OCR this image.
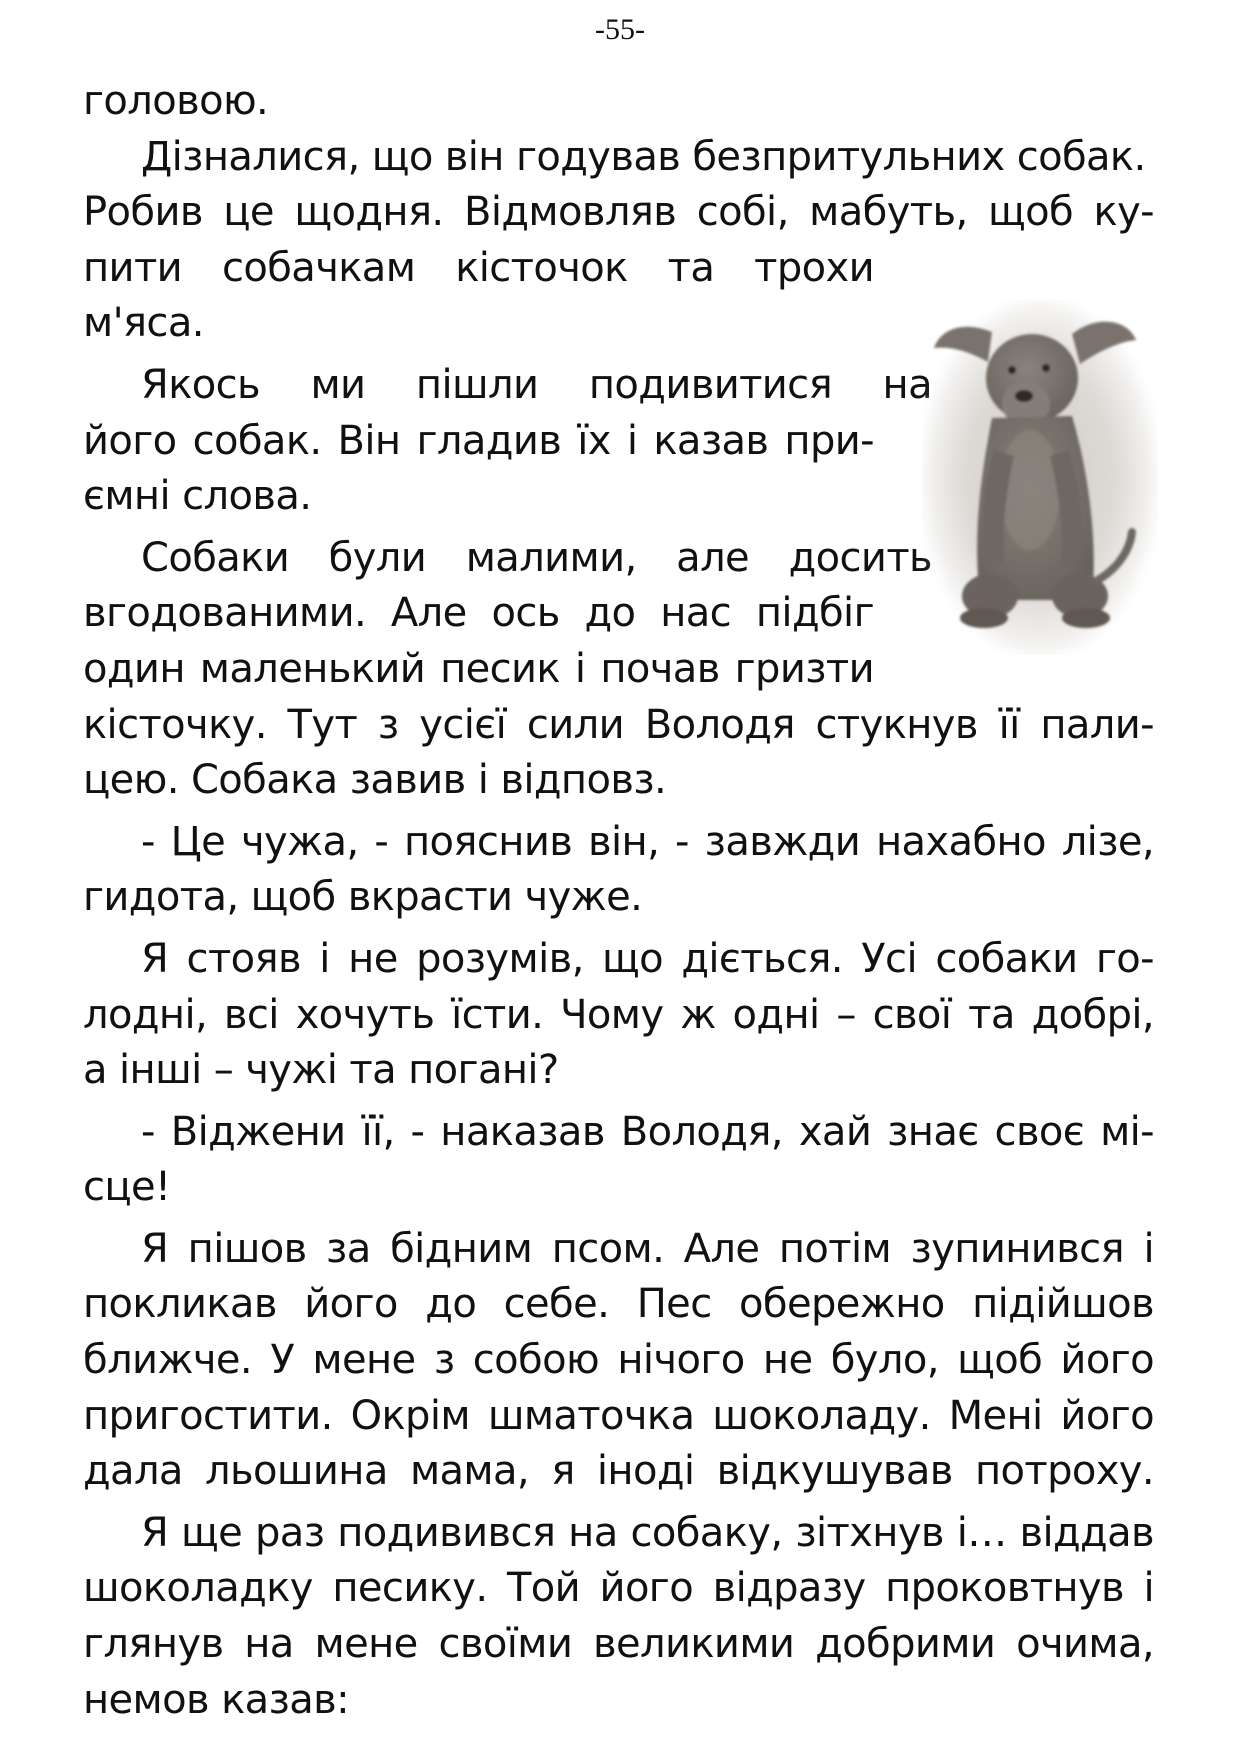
-55-
головою.
Дізналися, що він годував безпритульних собак.
Робив це щодня. Відмовляв собі, мабуть, щоб ку-
пити собачкам кісточок та трохи
м'яса.
Якось ми пішли подивитися на
його собак. Він гладив їх і казав при-
ємні слова.
Собаки були малими, але досить
вгодованими. Але ось до нас підбіг
один маленький песик і почав гризти
кісточку. Тут з усієї сили Володя стукнув її пали-
цею. Собака завив і відповз.
- Це чужа, - пояснив він, - завжди нахабно лізе,
гидота, щоб вкрасти чуже.
Я стояв і не розумів, що діється. Усі собаки го-
лодні, всі хочуть їсти. Чому ж одні – свої та добрі,
а інші – чужі та погані?
- Віджени її, - наказав Володя, хай знає своє мі-
сце!
Я пішов за бідним псом. Але потім зупинився і
покликав його до себе. Пес обережно підійшов
ближче. У мене з собою нічого не було, щоб його
пригостити. Окрім шматочка шоколаду. Мені його
дала льошина мама, я іноді відкушував потроху.
Я ще раз подивився на собаку, зітхнув і… віддав
шоколадку песику. Той його відразу проковтнув і
глянув на мене своїми великими добрими очима,
немов казав:
